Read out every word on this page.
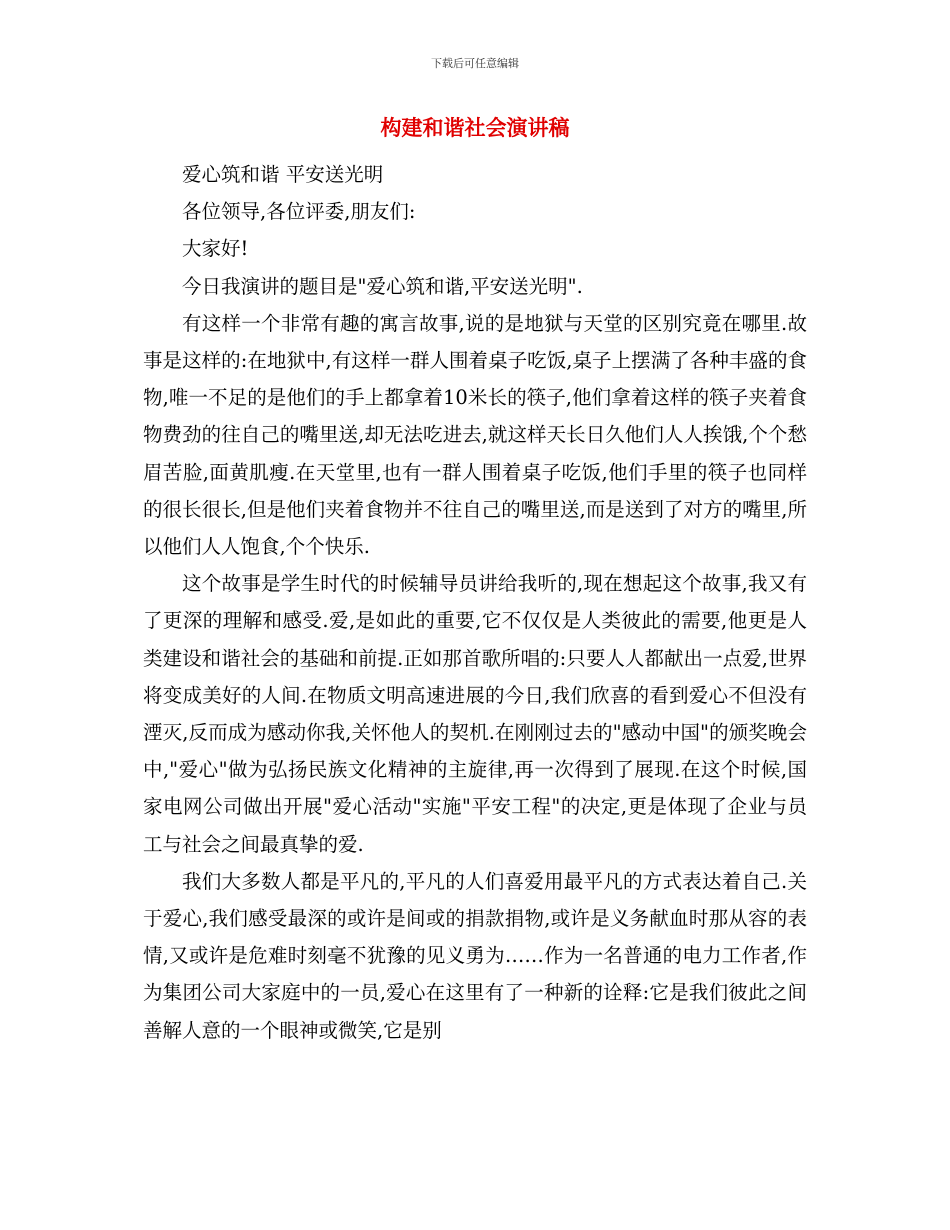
下载后可任意编辑
构建和谐社会演讲稿

爱心筑和谐 平安送光明

各位领导,各位评委,朋友们:

大家好!

今日我演讲的题目是"爱心筑和谐,平安送光明".

有这样一个非常有趣的寓言故事,说的是地狱与天堂的区别究竟在哪里.故事是这样的:在地狱中,有这样一群人围着桌子吃饭,桌子上摆满了各种丰盛的食物,唯一不足的是他们的手上都拿着10米长的筷子,他们拿着这样的筷子夹着食物费劲的往自己的嘴里送,却无法吃进去,就这样天长日久他们人人挨饿,个个愁眉苦脸,面黄肌瘦.在天堂里,也有一群人围着桌子吃饭,他们手里的筷子也同样的很长很长,但是他们夹着食物并不往自己的嘴里送,而是送到了对方的嘴里,所以他们人人饱食,个个快乐.

这个故事是学生时代的时候辅导员讲给我听的,现在想起这个故事,我又有了更深的理解和感受.爱,是如此的重要,它不仅仅是人类彼此的需要,他更是人类建设和谐社会的基础和前提.正如那首歌所唱的:只要人人都献出一点爱,世界将变成美好的人间.在物质文明高速进展的今日,我们欣喜的看到爱心不但没有湮灭,反而成为感动你我,关怀他人的契机.在刚刚过去的"感动中国"的颁奖晚会中,"爱心"做为弘扬民族文化精神的主旋律,再一次得到了展现.在这个时候,国家电网公司做出开展"爱心活动"实施"平安工程"的决定,更是体现了企业与员工与社会之间最真挚的爱.

我们大多数人都是平凡的,平凡的人们喜爱用最平凡的方式表达着自己.关于爱心,我们感受最深的或许是间或的捐款捐物,或许是义务献血时那从容的表情,又或许是危难时刻毫不犹豫的见义勇为……作为一名普通的电力工作者,作为集团公司大家庭中的一员,爱心在这里有了一种新的诠释:它是我们彼此之间善解人意的一个眼神或微笑,它是别
